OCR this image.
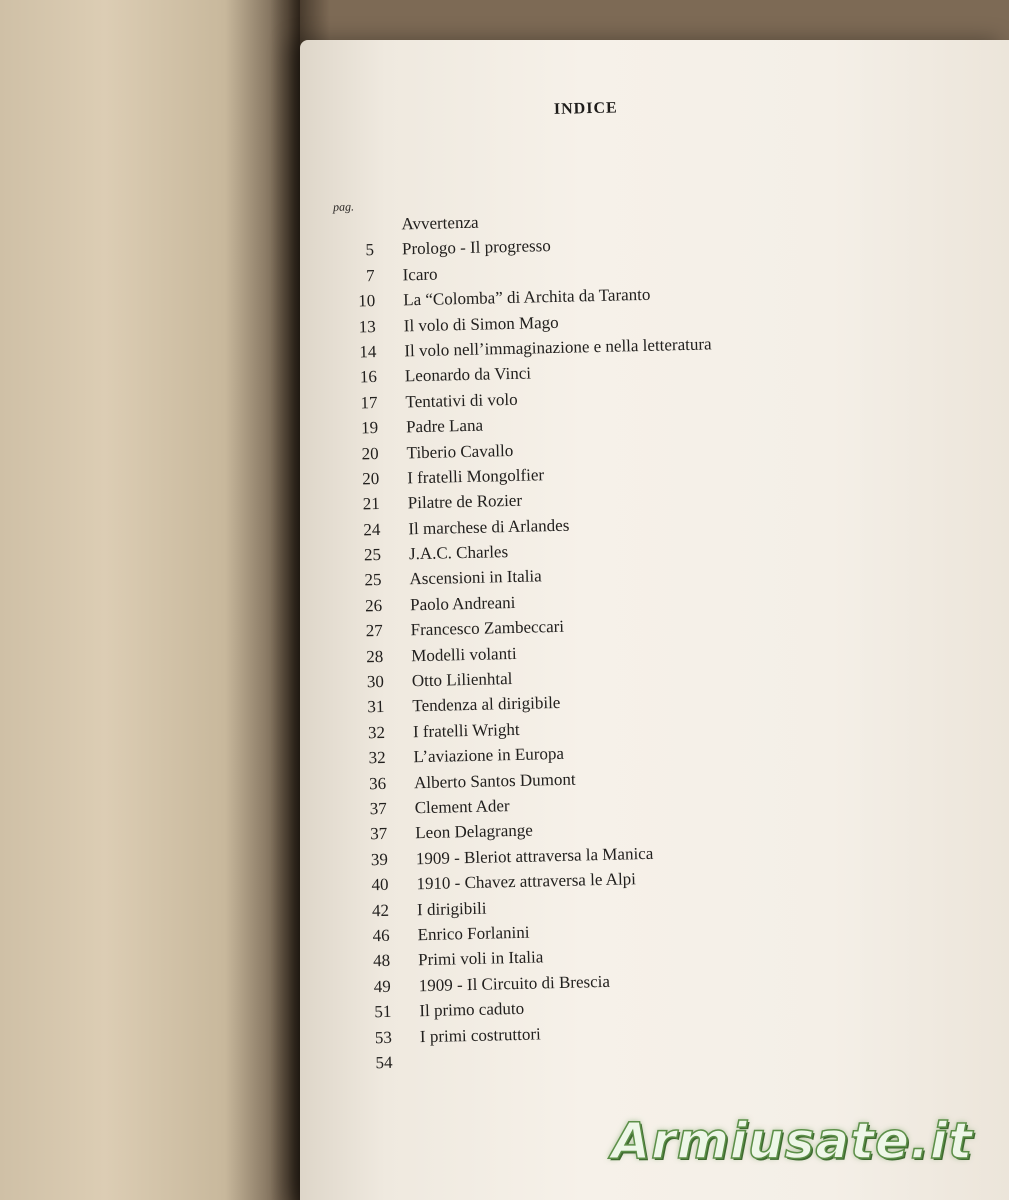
INDICE
pag.
Avvertenza
5	Prologo - Il progresso
7	Icaro
10	La “Colomba” di Archita da Taranto
13	Il volo di Simon Mago
14	Il volo nell’immaginazione e nella letteratura
16	Leonardo da Vinci
17	Tentativi di volo
19	Padre Lana
20	Tiberio Cavallo
20	I fratelli Mongolfier
21	Pilatre de Rozier
24	Il marchese di Arlandes
25	J.A.C. Charles
25	Ascensioni in Italia
26	Paolo Andreani
27	Francesco Zambeccari
28	Modelli volanti
30	Otto Lilienhtal
31	Tendenza al dirigibile
32	I fratelli Wright
32	L’aviazione in Europa
36	Alberto Santos Dumont
37	Clement Ader
37	Leon Delagrange
39	1909 - Bleriot attraversa la Manica
40	1910 - Chavez attraversa le Alpi
42	I dirigibili
46	Enrico Forlanini
48	Primi voli in Italia
49	1909 - Il Circuito di Brescia
51	Il primo caduto
53	I primi costruttori
54
Armiusate.it
